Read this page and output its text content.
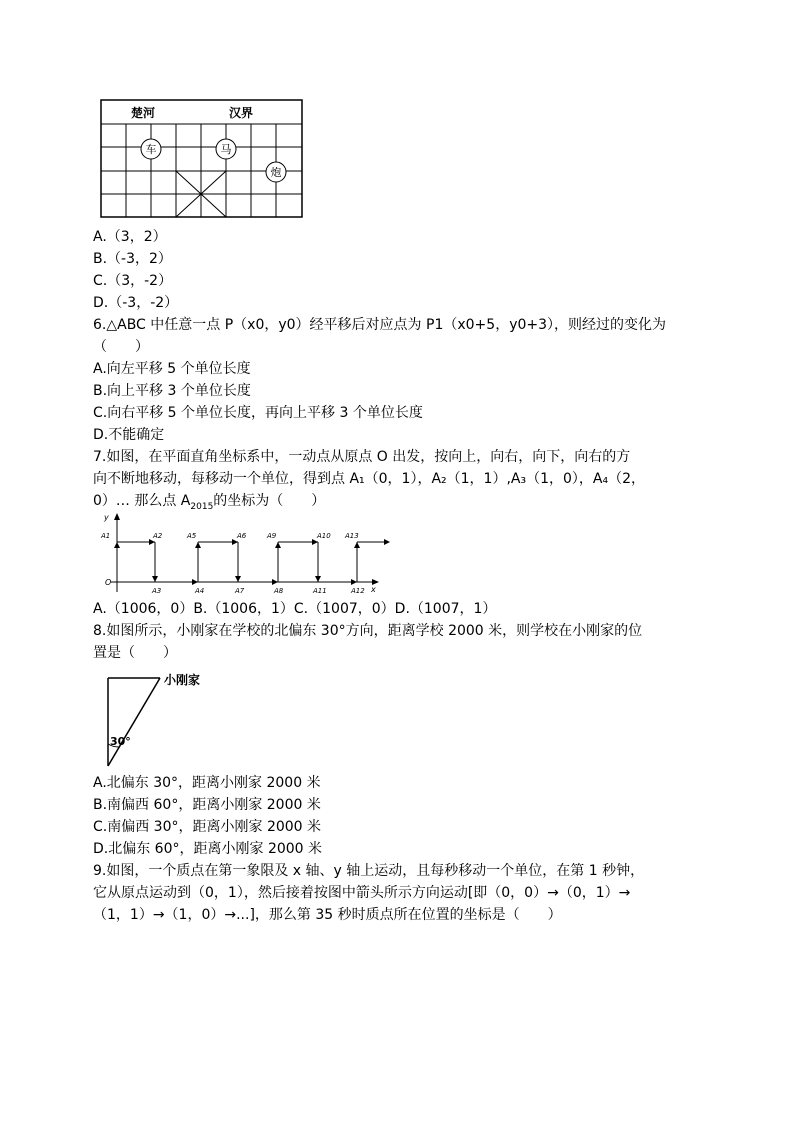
楚河	汉界
车	马
炮
A.（3，2）
B.（-3，2）
C.（3，-2）
D.（-3，-2）
6.△ABC 中任意一点 P（x0，y0）经平移后对应点为 P1（x0+5，y0+3），则经过的变化为
（　　）
A.向左平移 5 个单位长度
B.向上平移 3 个单位长度
C.向右平移 5 个单位长度，再向上平移 3 个单位长度
D.不能确定
7.如图，在平面直角坐标系中，一动点从原点 O 出发，按向上，向右，向下，向右的方
向不断地移动，每移动一个单位，得到点 A₁（0，1），A₂（1，1）,A₃（1，0），A₄（2，
0）… 那么点 $A_{2015}$的坐标为（　　）
y
x
O
A1	A2
A3	A4
A5	A6
A7	A8
A9	A10
A11	A12
A13
A.（1006，0）B.（1006，1）C.（1007，0）D.（1007，1）
8.如图所示，小刚家在学校的北偏东 30°方向，距离学校 2000 米，则学校在小刚家的位
置是（　　）
小刚家
30°
A.北偏东 30°，距离小刚家 2000 米
B.南偏西 60°，距离小刚家 2000 米
C.南偏西 30°，距离小刚家 2000 米
D.北偏东 60°，距离小刚家 2000 米
9.如图，一个质点在第一象限及 x 轴、y 轴上运动，且每秒移动一个单位，在第 1 秒钟，
它从原点运动到（0，1），然后接着按图中箭头所示方向运动[即（0，0）→（0，1）→
（1，1）→（1，0）→...]，那么第 35 秒时质点所在位置的坐标是（　　）
